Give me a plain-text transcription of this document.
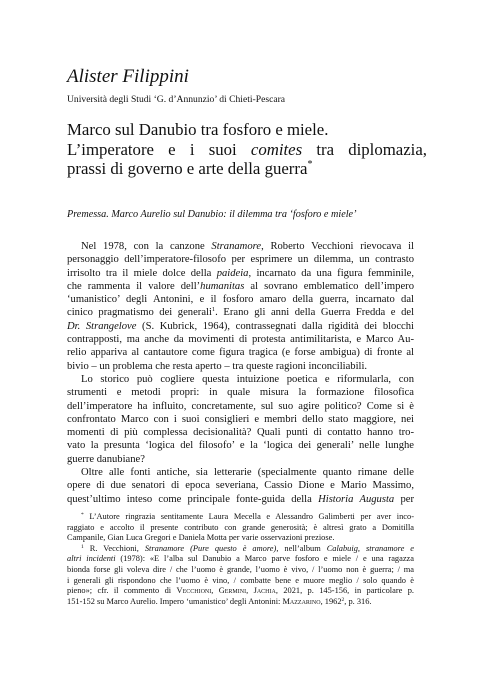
Alister Filippini
Università degli Studi ‘G. d’Annunzio’ di Chieti-Pescara
Marco sul Danubio tra fosforo e miele.
L’imperatore e i suoi comites tra diplomazia,
prassi di governo e arte della guerra*
Premessa. Marco Aurelio sul Danubio: il dilemma tra ‘fosforo e miele’

Nel 1978, con la canzone Stranamore, Roberto Vecchioni rievocava il
personaggio dell’imperatore-filosofo per esprimere un dilemma, un contrasto
irrisolto tra il miele dolce della paideia, incarnato da una figura femminile,
che rammenta il valore dell’humanitas al sovrano emblematico dell’impero
‘umanistico’ degli Antonini, e il fosforo amaro della guerra, incarnato dal
cinico pragmatismo dei generali$^1$. Erano gli anni della Guerra Fredda e del
Dr. Strangelove (S. Kubrick, 1964), contrassegnati dalla rigidità dei blocchi
contrapposti, ma anche da movimenti di protesta antimilitarista, e Marco Au-
relio appariva al cantautore come figura tragica (e forse ambigua) di fronte al
bivio – un problema che resta aperto – tra queste ragioni inconciliabili.

Lo storico può cogliere questa intuizione poetica e riformularla, con
strumenti e metodi propri: in quale misura la formazione filosofica
dell’imperatore ha influito, concretamente, sul suo agire politico? Come si è
confrontato Marco con i suoi consiglieri e membri dello stato maggiore, nei
momenti di più complessa decisionalità? Quali punti di contatto hanno tro-
vato la presunta ‘logica del filosofo’ e la ‘logica dei generali’ nelle lunghe
guerre danubiane?

Oltre alle fonti antiche, sia letterarie (specialmente quanto rimane delle
opere di due senatori di epoca severiana, Cassio Dione e Mario Massimo,
quest’ultimo inteso come principale fonte-guida della Historia Augusta per

* L’Autore ringrazia sentitamente Laura Mecella e Alessandro Galimberti per aver inco-
raggiato e accolto il presente contributo con grande generosità; è altresì grato a Domitilla
Campanile, Gian Luca Gregori e Daniela Motta per varie osservazioni preziose.
$^1$ R. Vecchioni, Stranamore (Pure questo è amore), nell’album Calabuig, stranamore e
altri incidenti (1978): «E l’alba sul Danubio a Marco parve fosforo e miele / e una ragazza
bionda forse gli voleva dire / che l’uomo è grande, l’uomo è vivo, / l’uomo non è guerra; / ma
i generali gli rispondono che l’uomo è vino, / combatte bene e muore meglio / solo quando è
pieno»; cfr. il commento di Vecchioni, Germini, Jachia, 2021, p. 145-156, in particolare p.
151-152 su Marco Aurelio. Impero ‘umanistico’ degli Antonini: Mazzarino, 1962$^2$, p. 316.
